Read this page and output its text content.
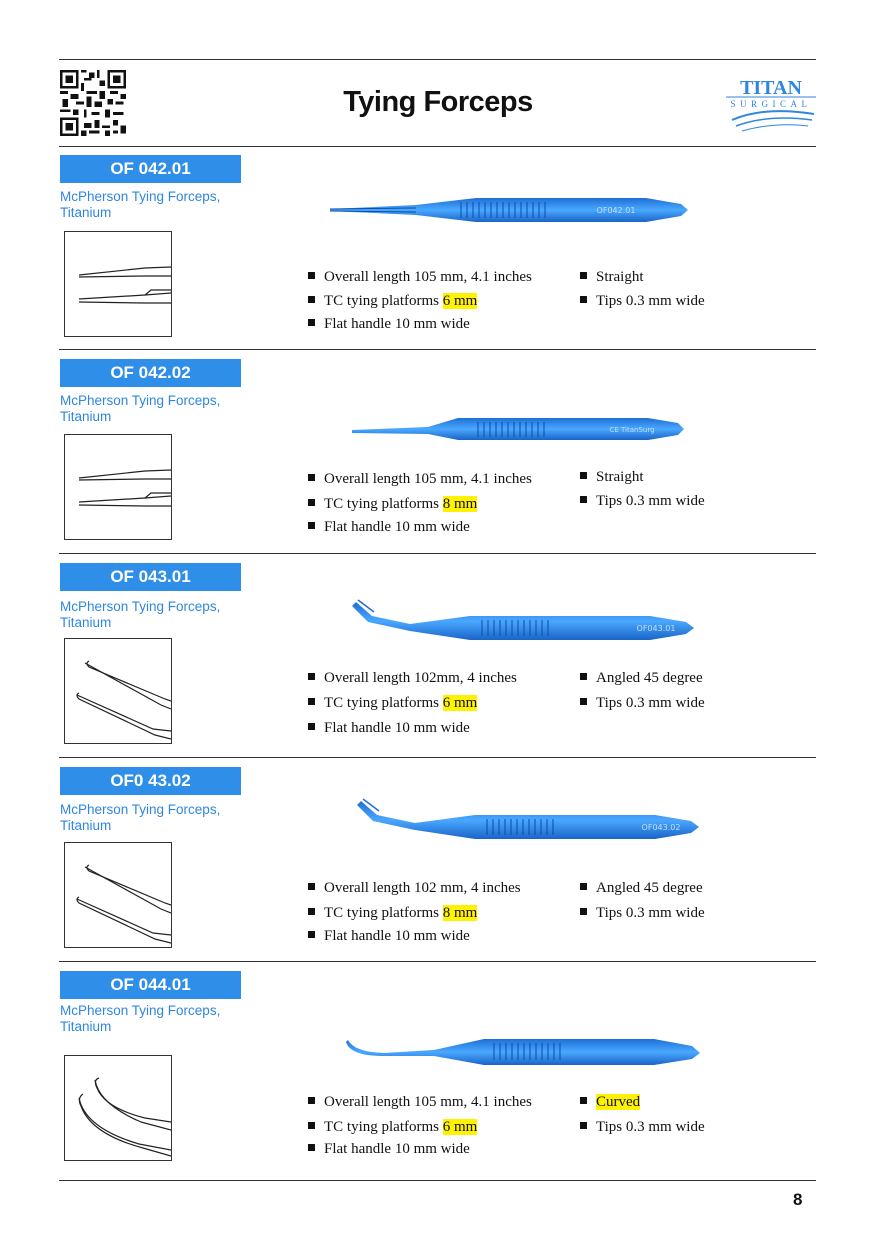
Tying Forceps	TITAN
SURGICAL
OF 042.01
McPherson Tying Forceps,
Titanium	OF042.01
Overall length 105 mm, 4.1 inches
TC tying platforms 6 mm
Flat handle 10 mm wide
Straight
Tips 0.3 mm wide
OF 042.02
McPherson Tying Forceps,
Titanium
CE TitanSurg
Overall length 105 mm, 4.1 inches
TC tying platforms 8 mm
Flat handle 10 mm wide
Straight
Tips 0.3 mm wide
OF 043.01
McPherson Tying Forceps,
Titanium	OF043.01
Overall length 102mm, 4 inches
TC tying platforms 6 mm
Flat handle 10 mm wide
Angled 45 degree
Tips 0.3 mm wide
OF0 43.02
McPherson Tying Forceps,
Titanium	OF043.02
Overall length 102 mm, 4 inches
TC tying platforms 8 mm
Flat handle 10 mm wide
Angled 45 degree
Tips 0.3 mm wide
OF 044.01
McPherson Tying Forceps,
Titanium
Overall length 105 mm, 4.1 inches
TC tying platforms 6 mm
Flat handle 10 mm wide
Curved
Tips 0.3 mm wide
8
